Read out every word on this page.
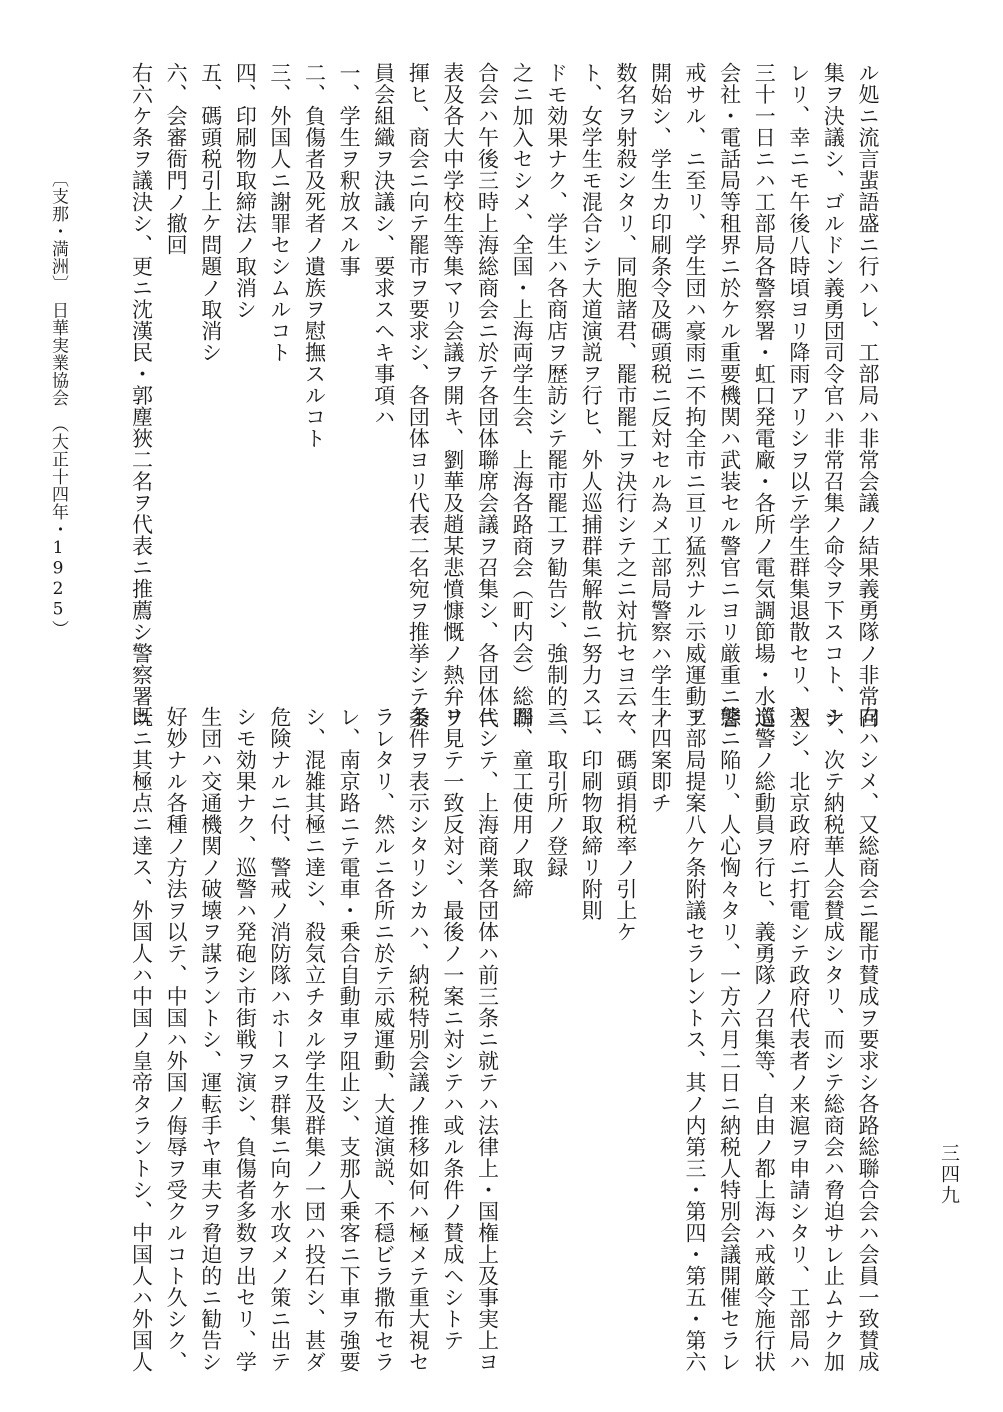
ル処ニ流言蜚語盛ニ行ハレ、工部局ハ非常会議ノ結果義勇隊ノ非常召
集ヲ決議シ、ゴルドン義勇団司令官ハ非常召集ノ命令ヲ下スコト、ナ
レリ、幸ニモ午後八時頃ヨリ降雨アリシヲ以テ学生群集退散セリ、翌
三十一日ニハ工部局各警察署・虹口発電廠・各所ノ電気調節場・水道
会社・電話局等租界ニ於ケル重要機関ハ武装セル警官ニヨリ厳重ニ警
戒サル、ニ至リ、学生団ハ豪雨ニ不拘全市ニ亘リ猛烈ナル示威運動ヲ
開始シ、学生カ印刷条令及碼頭税ニ反対セル為メ工部局警察ハ学生十
数名ヲ射殺シタリ、同胞諸君、罷市罷工ヲ決行シテ之ニ対抗セヨ云々
ト、女学生モ混合シテ大道演説ヲ行ヒ、外人巡捕群集解散ニ努力スレ
ドモ効果ナク、学生ハ各商店ヲ歴訪シテ罷市罷工ヲ勧告シ、強制的ニ
之ニ加入セシメ、全国・上海両学生会、上海各路商会（町内会）総聯
合会ハ午後三時上海総商会ニ於テ各団体聯席会議ヲ召集シ、各団体代
表及各大中学校生等集マリ会議ヲ開キ、劉華及趙某悲憤慷慨ノ熱弁ヲ
揮ヒ、商会ニ向テ罷市ヲ要求シ、各団体ヨリ代表二名宛ヲ推挙シテ委
員会組織ヲ決議シ、要求スヘキ事項ハ
一、学生ヲ釈放スル事
二、負傷者及死者ノ遺族ヲ慰撫スルコト
三、外国人ニ謝罪セシムルコト
四、印刷物取締法ノ取消シ
五、碼頭税引上ケ問題ノ取消シ
六、会審衙門ノ撤回
右六ケ条ヲ議決シ、更ニ沈漢民・郭塵狹二名ヲ代表ニ推薦シ警察署ニ
向ハシメ、又総商会ニ罷市賛成ヲ要求シ各路総聯合会ハ会員一致賛成
シ、次テ納税華人会賛成シタリ、而シテ総商会ハ脅迫サレ止ムナク加
入シ、北京政府ニ打電シテ政府代表者ノ来滬ヲ申請シタリ、工部局ハ
巡警ノ総動員ヲ行ヒ、義勇隊ノ召集等、自由ノ都上海ハ戒厳令施行状
態ニ陥リ、人心恟々タリ、一方六月二日ニ納税人特別会議開催セラレ
工部局提案八ケ条附議セラレントス、其ノ内第三・第四・第五・第六
ノ四案即チ
一、碼頭捐税率ノ引上ケ
二、印刷物取締リ附則
三、取引所ノ登録
四、童工使用ノ取締
ニシテ、上海商業各団体ハ前三条ニ就テハ法律上・国権上及事実上ヨ
リ見テ一致反対シ、最後ノ一案ニ対シテハ或ル条件ノ賛成ヘシトテ
条件ヲ表示シタリシカハ、納税特別会議ノ推移如何ハ極メテ重大視セ
ラレタリ、然ルニ各所ニ於テ示威運動、大道演説、不穏ビラ撒布セラ
レ、南京路ニテ電車・乗合自動車ヲ阻止シ、支那人乗客ニ下車ヲ強要
シ、混雑其極ニ達シ、殺気立チタル学生及群集ノ一団ハ投石シ、甚ダ
危険ナルニ付、警戒ノ消防隊ハホースヲ群集ニ向ケ水攻メノ策ニ出テ
シモ効果ナク、巡警ハ発砲シ市街戦ヲ演シ、負傷者多数ヲ出セリ、学
生団ハ交通機関ノ破壊ヲ謀ラントシ、運転手ヤ車夫ヲ脅迫的ニ勧告シ
好妙ナル各種ノ方法ヲ以テ、中国ハ外国ノ侮辱ヲ受クルコト久シク、
既ニ其極点ニ達ス、外国人ハ中国ノ皇帝タラントシ、中国人ハ外国人
〔支那・満洲〕　日華実業協会　（大正十四年・1925）
三四九
